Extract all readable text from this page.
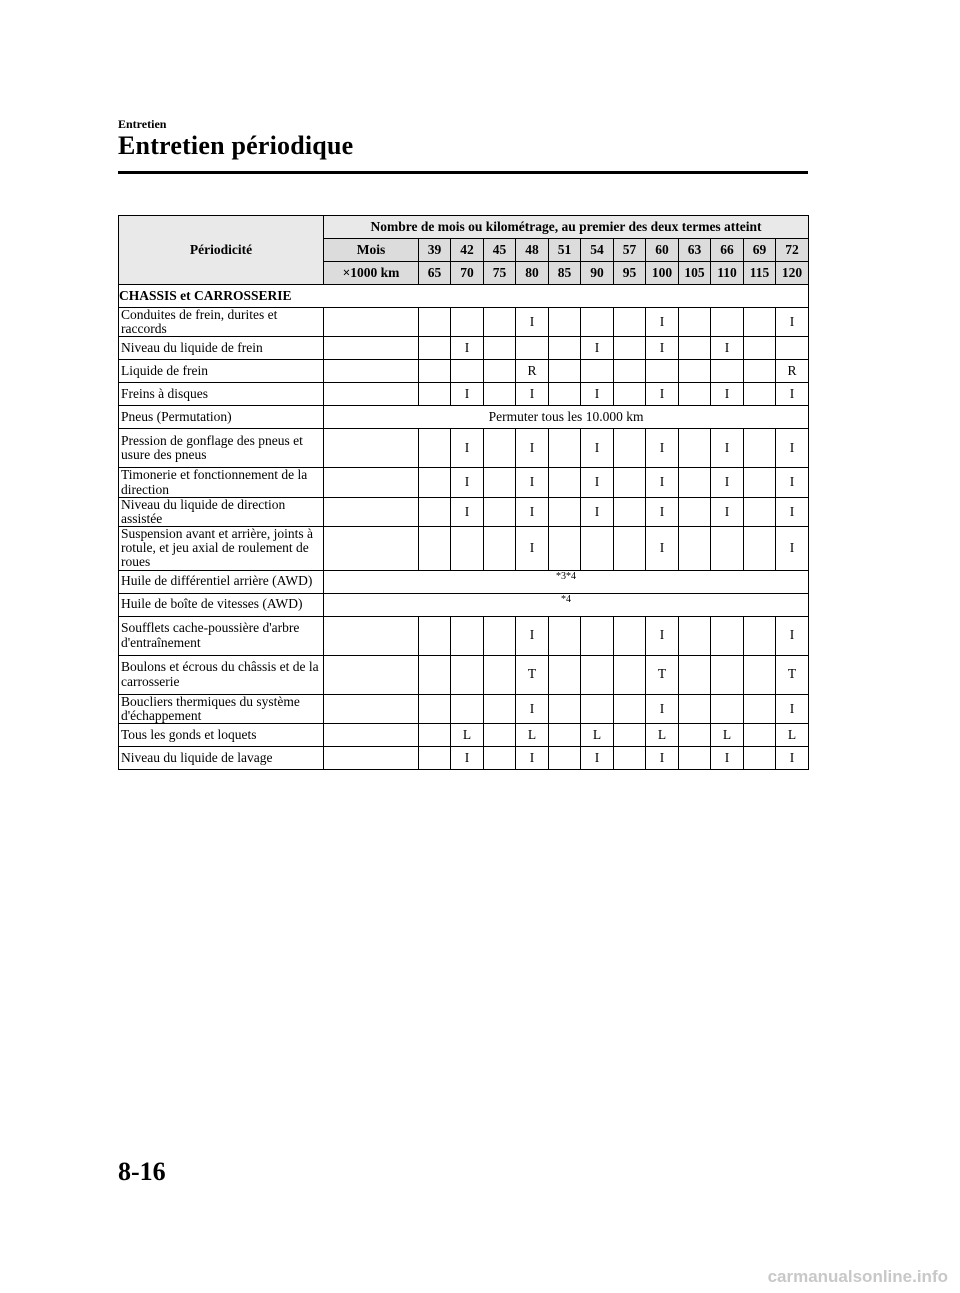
Entretien
Entretien périodique
Périodicité	Nombre de mois ou kilométrage, au premier des deux termes atteint												
	Mois	39	42	45	48	51	54	57	60	63	66	69	72
	×1000 km	65	70	75	80	85	90	95	100	105	110	115	120
CHASSIS et CARROSSERIE													
Conduites de frein, durites et raccords					I				I				I
Niveau du liquide de frein			I				I		I		I		
Liquide de frein					R								R
Freins à disques			I		I		I		I		I		I
Pneus (Permutation)	Permuter tous les 10.000 km												
Pression de gonflage des pneus et usure des pneus			I		I		I		I		I		I
Timonerie et fonctionnement de la direction			I		I		I		I		I		I
Niveau du liquide de direction assistée			I		I		I		I		I		I
Suspension avant et arrière, joints à rotule, et jeu axial de roulement de roues					I				I				I
Huile de différentiel arrière (AWD)	*3*4												
Huile de boîte de vitesses (AWD)	*4												
Soufflets cache-poussière d'arbre d'entraînement					I				I				I
Boulons et écrous du châssis et de la carrosserie					T				T				T
Boucliers thermiques du système d'échappement					I				I				I
Tous les gonds et loquets			L		L		L		L		L		L
Niveau du liquide de lavage			I		I		I		I		I		I
8-16
carmanualsonline.info
